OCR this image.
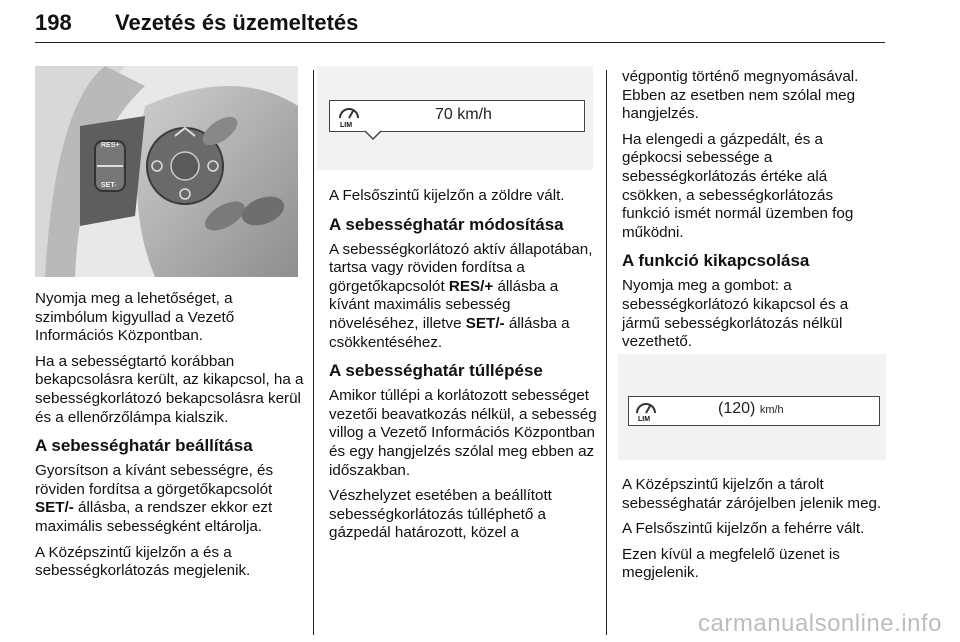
198 Vezetés és üzemeltetés
RES+
SET-

Nyomja meg a lehetőséget, a szimbólum kigyullad a Vezető Információs Központban.

Ha a sebességtartó korábban bekapcsolásra került, az kikapcsol, ha a sebességkorlátozó bekapcsolásra kerül és a ellenőrzőlámpa kialszik.

A sebességhatár beállítása

Gyorsítson a kívánt sebességre, és röviden fordítsa a görgetőkapcsolót SET/- állásba, a rendszer ekkor ezt maximális sebességként eltárolja.

A Középszintű kijelzőn a és a sebességkorlátozás megjelenik.

LIM
70 km/h

A Felsőszintű kijelzőn a zöldre vált.

A sebességhatár módosítása

A sebességkorlátozó aktív állapotában, tartsa vagy röviden fordítsa a görgetőkapcsolót RES/+ állásba a kívánt maximális sebesség növeléséhez, illetve SET/- állásba a csökkentéséhez.

A sebességhatár túllépése

Amikor túllépi a korlátozott sebességet vezetői beavatkozás nélkül, a sebesség villog a Vezető Információs Központban és egy hangjelzés szólal meg ebben az időszakban.

Vészhelyzet esetében a beállított sebességkorlátozás túlléphető a gázpedál határozott, közel a

végpontig történő megnyomásával. Ebben az esetben nem szólal meg hangjelzés.

Ha elengedi a gázpedált, és a gépkocsi sebessége a sebességkorlátozás értéke alá csökken, a sebességkorlátozás funkció ismét normál üzemben fog működni.

A funkció kikapcsolása

Nyomja meg a gombot: a sebességkorlátozó kikapcsol és a jármű sebességkorlátozás nélkül vezethető.

LIM
(120) km/h

A Középszintű kijelzőn a tárolt sebességhatár zárójelben jelenik meg.

A Felsőszintű kijelzőn a fehérre vált.

Ezen kívül a megfelelő üzenet is megjelenik.

carmanualsonline.info
